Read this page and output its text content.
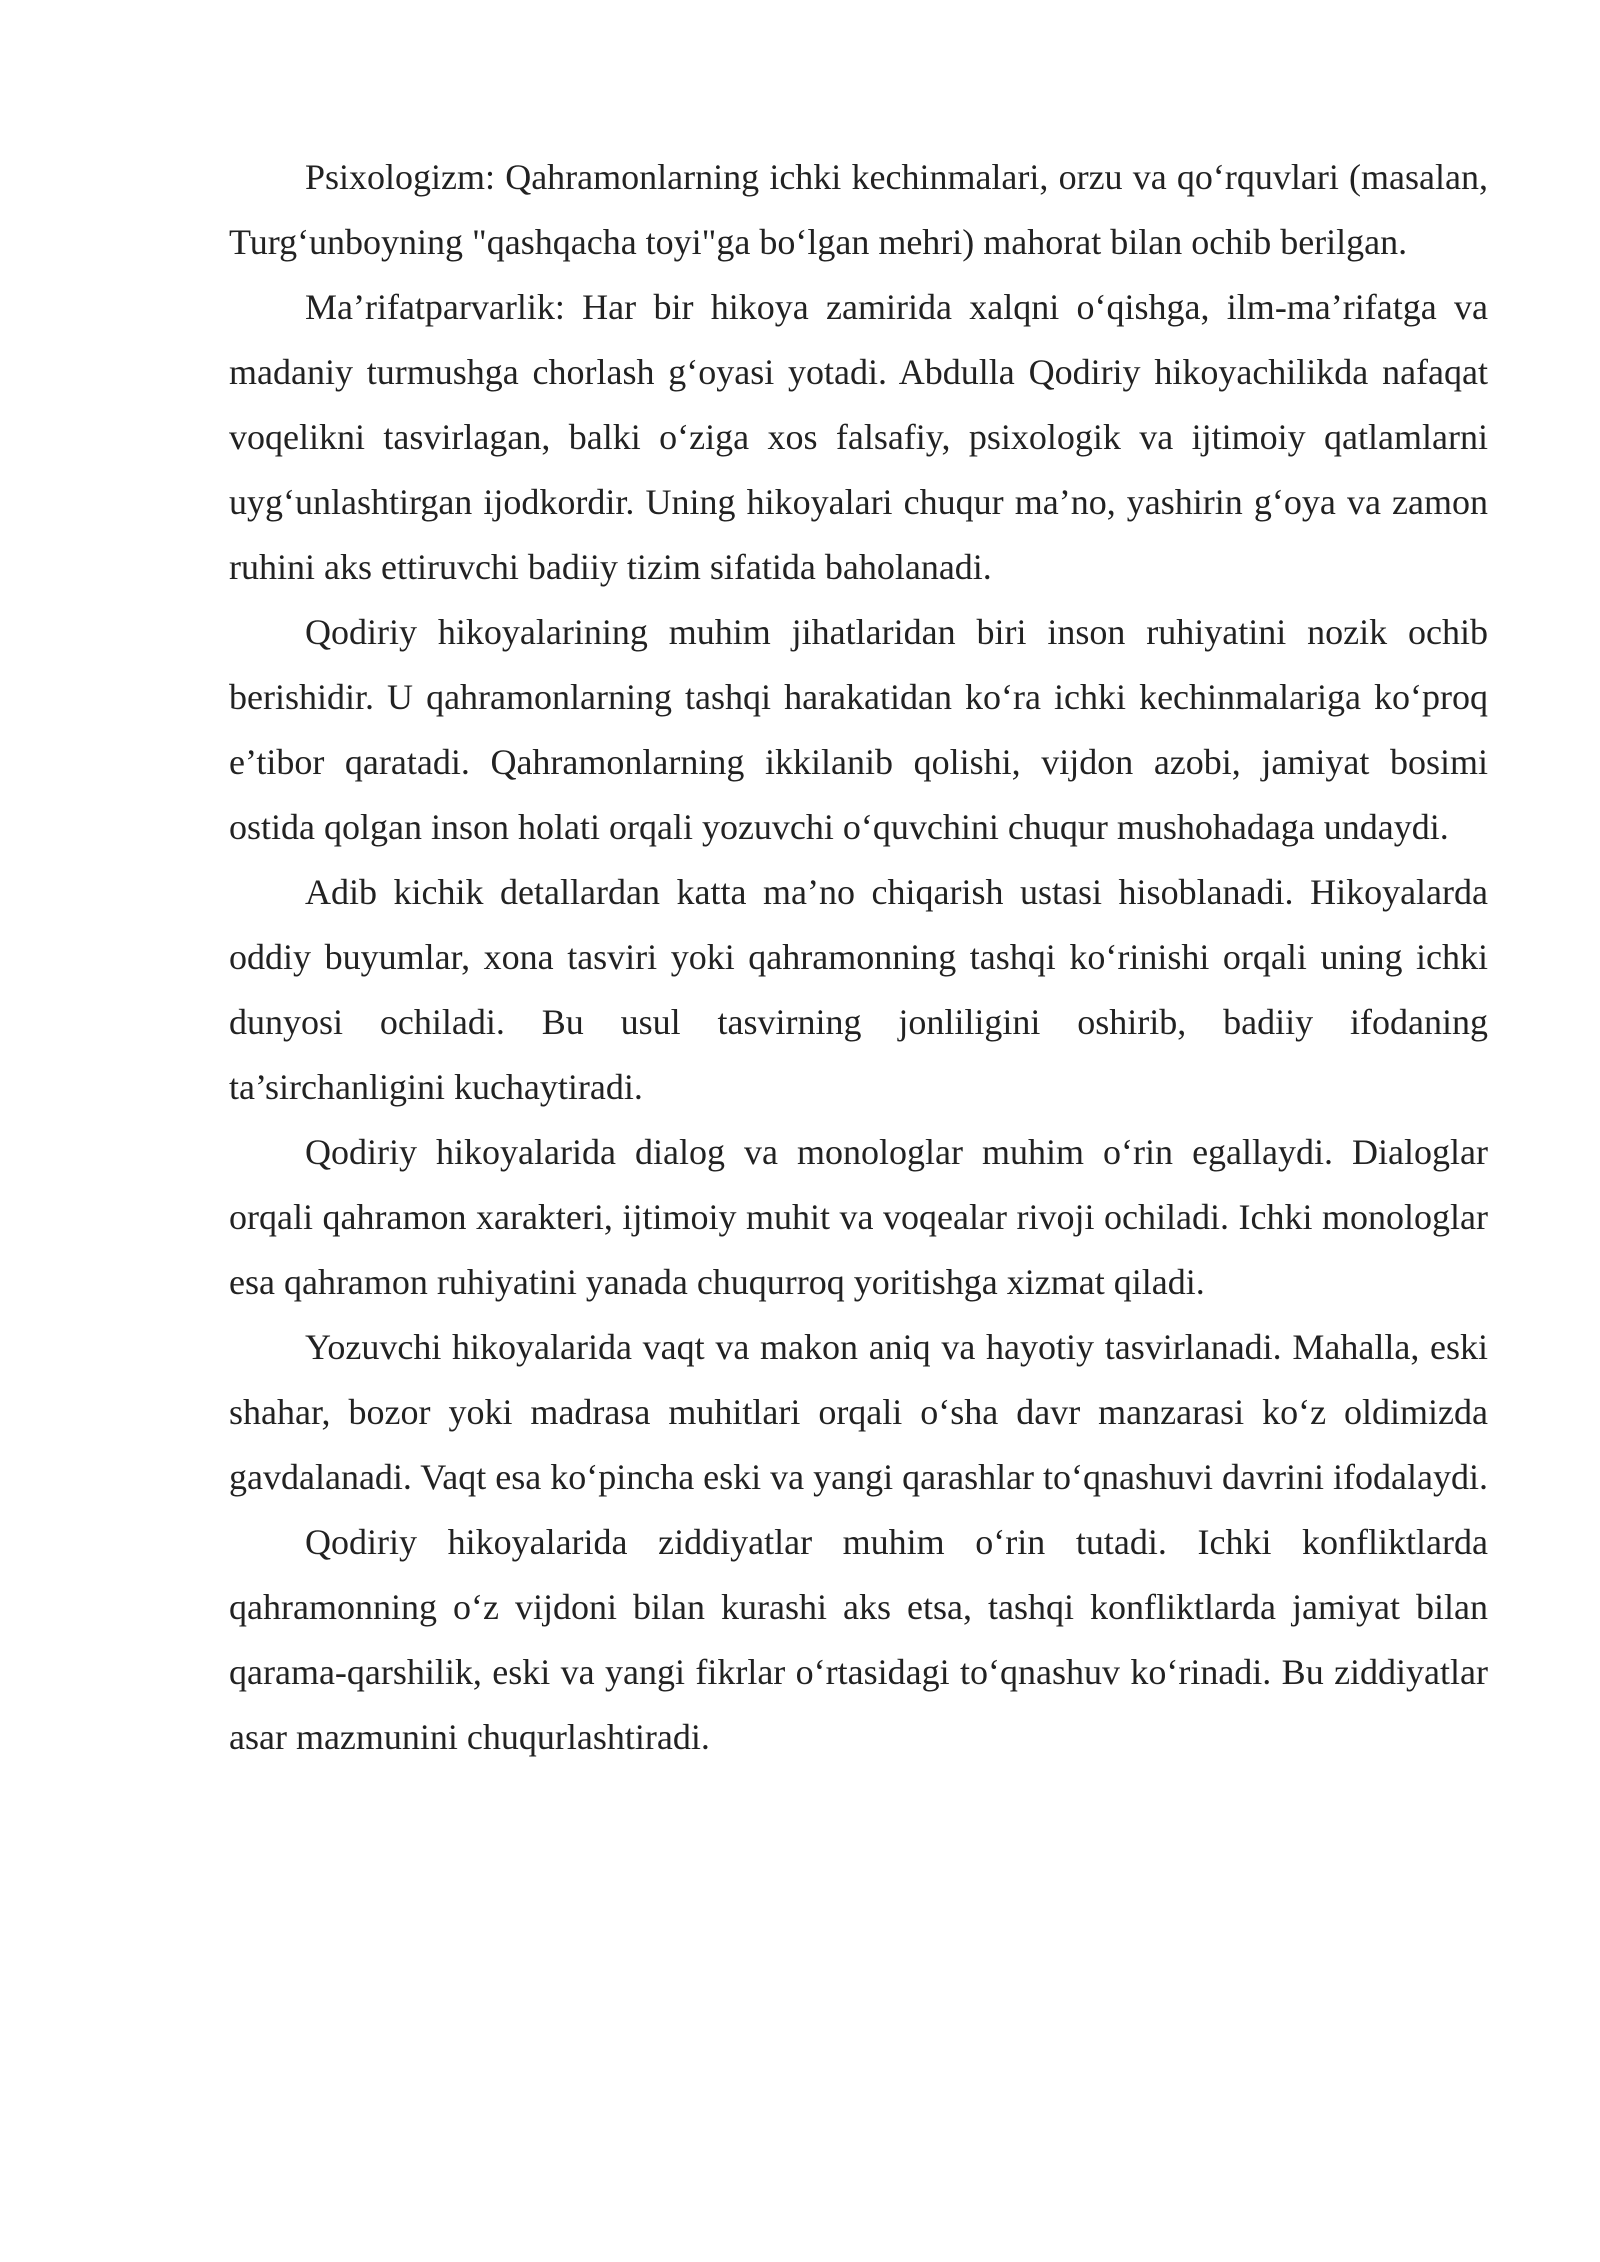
Psixologizm: Qahramonlarning ichki kechinmalari, orzu va qo‘rquvlari (masalan, Turg‘unboyning "qashqacha toyi"ga bo‘lgan mehri) mahorat bilan ochib berilgan.

Ma’rifatparvarlik: Har bir hikoya zamirida xalqni o‘qishga, ilm-ma’rifatga va madaniy turmushga chorlash g‘oyasi yotadi. Abdulla Qodiriy hikoyachilikda nafaqat voqelikni tasvirlagan, balki o‘ziga xos falsafiy, psixologik va ijtimoiy qatlamlarni uyg‘unlashtirgan ijodkordir. Uning hikoyalari chuqur ma’no, yashirin g‘oya va zamon ruhini aks ettiruvchi badiiy tizim sifatida baholanadi.

Qodiriy hikoyalarining muhim jihatlaridan biri inson ruhiyatini nozik ochib berishidir. U qahramonlarning tashqi harakatidan ko‘ra ichki kechinmalariga ko‘proq e’tibor qaratadi. Qahramonlarning ikkilanib qolishi, vijdon azobi, jamiyat bosimi ostida qolgan inson holati orqali yozuvchi o‘quvchini chuqur mushohadaga undaydi.

Adib kichik detallardan katta ma’no chiqarish ustasi hisoblanadi. Hikoyalarda oddiy buyumlar, xona tasviri yoki qahramonning tashqi ko‘rinishi orqali uning ichki dunyosi ochiladi. Bu usul tasvirning jonliligini oshirib, badiiy ifodaning ta’sirchanligini kuchaytiradi.

Qodiriy hikoyalarida dialog va monologlar muhim o‘rin egallaydi. Dialoglar orqali qahramon xarakteri, ijtimoiy muhit va voqealar rivoji ochiladi. Ichki monologlar esa qahramon ruhiyatini yanada chuqurroq yoritishga xizmat qiladi.

Yozuvchi hikoyalarida vaqt va makon aniq va hayotiy tasvirlanadi. Mahalla, eski shahar, bozor yoki madrasa muhitlari orqali o‘sha davr manzarasi ko‘z oldimizda gavdalanadi. Vaqt esa ko‘pincha eski va yangi qarashlar to‘qnashuvi davrini ifodalaydi.

Qodiriy hikoyalarida ziddiyatlar muhim o‘rin tutadi. Ichki konfliktlarda qahramonning o‘z vijdoni bilan kurashi aks etsa, tashqi konfliktlarda jamiyat bilan qarama-qarshilik, eski va yangi fikrlar o‘rtasidagi to‘qnashuv ko‘rinadi. Bu ziddiyatlar asar mazmunini chuqurlashtiradi.
